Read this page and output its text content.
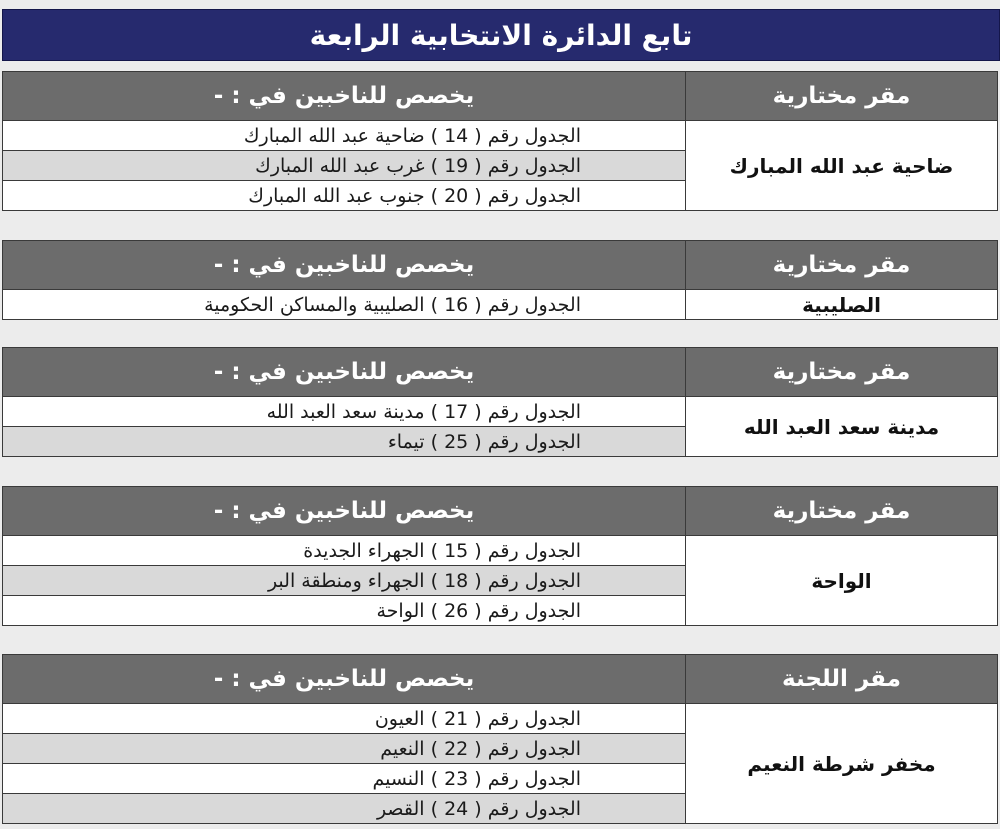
تابع الدائرة الانتخابية الرابعة
مقر مختارية
ضاحية عبد الله المبارك
يخصص للناخبين في : -
الجدول رقم ( 14 ) ضاحية عبد الله المبارك
الجدول رقم ( 19 ) غرب عبد الله المبارك
الجدول رقم ( 20 ) جنوب عبد الله المبارك
مقر مختارية
الصليبية
يخصص للناخبين في : -
الجدول رقم ( 16 ) الصليبية والمساكن الحكومية
مقر مختارية
مدينة سعد العبد الله
يخصص للناخبين في : -
الجدول رقم ( 17 ) مدينة سعد العبد الله
الجدول رقم ( 25 ) تيماء
مقر مختارية
الواحة
يخصص للناخبين في : -
الجدول رقم ( 15 ) الجهراء الجديدة
الجدول رقم ( 18 ) الجهراء ومنطقة البر
الجدول رقم ( 26 ) الواحة
مقر اللجنة
مخفر شرطة النعيم
يخصص للناخبين في : -
الجدول رقم ( 21 ) العيون
الجدول رقم ( 22 ) النعيم
الجدول رقم ( 23 ) النسيم
الجدول رقم ( 24 ) القصر
